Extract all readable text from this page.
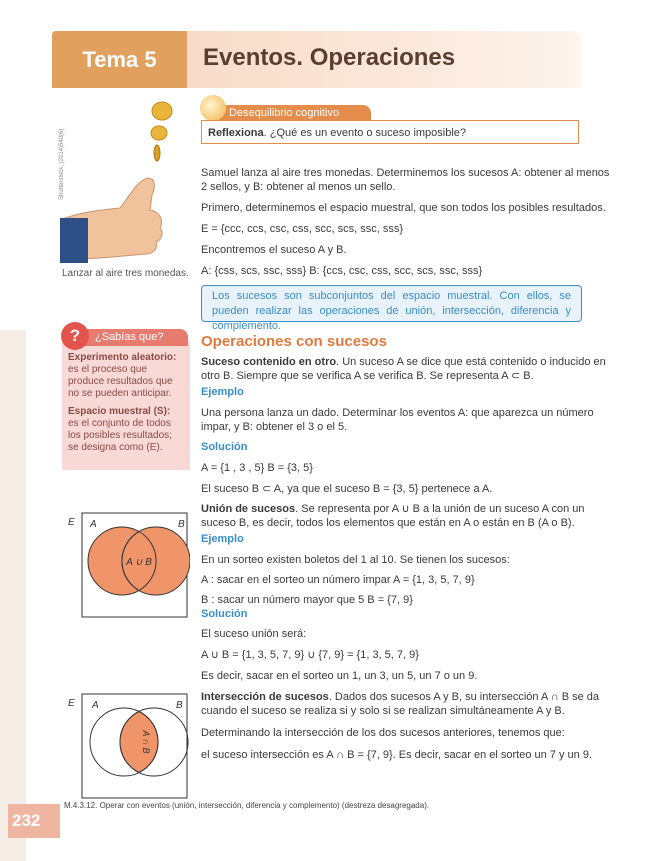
232
Tema 5	Eventos. Operaciones
Shutterstock, (2014)540(6)
Lanzar al aire tres monedas.
Desequilibrio cognitivo
Reflexiona. ¿Qué es un evento o suceso imposible?
Samuel lanza al aire tres monedas. Determinemos los sucesos A: obtener al menos
2 sellos, y B: obtener al menos un sello.
Primero, determinemos el espacio muestral, que son todos los posibles resultados.
E = {ccc, ccs, csc, css, scc, scs, ssc, sss}
Encontremos el suceso A y B.
A: {css, scs, ssc, sss} B: {ccs, csc, css, scc, scs, ssc, sss}
Los sucesos son subconjuntos del espacio muestral. Con ellos, se pueden realizar las operaciones de unión, intersección, diferencia y complemento.
¿Sabías que?
?
Experimento aleatorio:
es el proceso que
produce resultados que
no se pueden anticipar.
Espacio muestral (S):
es el conjunto de todos
los posibles resultados;
se designa como (E).
Operaciones con sucesos
Suceso contenido en otro. Un suceso A se dice que está contenido o inducido en
otro B. Siempre que se verifica A se verifica B. Se representa A ⊂ B.
Ejemplo
Una persona lanza un dado. Determinar los eventos A: que aparezca un número
impar, y B: obtener el 3 o el 5.
Solución
A = {1 , 3 , 5} B = {3, 5}
El suceso B ⊂ A, ya que el suceso B = {3, 5} pertenece a A.
Unión de sucesos. Se representa por A ∪ B a la unión de un suceso A con un
suceso B, es decir, todos los elementos que están en A o están en B (A o B).
Ejemplo
En un sorteo existen boletos del 1 al 10. Se tienen los sucesos:
A : sacar en el sorteo un número impar A = {1, 3, 5, 7, 9}
B : sacar un número mayor que 5 B = {7, 9}
Solución
El suceso unión será:
A ∪ B = {1, 3, 5, 7, 9} ∪ {7, 9} = {1, 3, 5, 7, 9}
Es decir, sacar en el sorteo un 1, un 3, un 5, un 7 o un 9.
Intersección de sucesos. Dados dos sucesos A y B, su intersección A ∩ B se da
cuando el suceso se realiza si y solo si se realizan simultáneamente A y B.
Determinando la intersección de los dos sucesos anteriores, tenemos que:
el suceso intersección es A ∩ B = {7, 9}. Es decir, sacar en el sorteo un 7 y un 9.
E A	B
A ∪ B
E A	B
A ∩ B
M.4.3.12. Operar con eventos (unión, intersección, diferencia y complemento) (destreza desagregada).
